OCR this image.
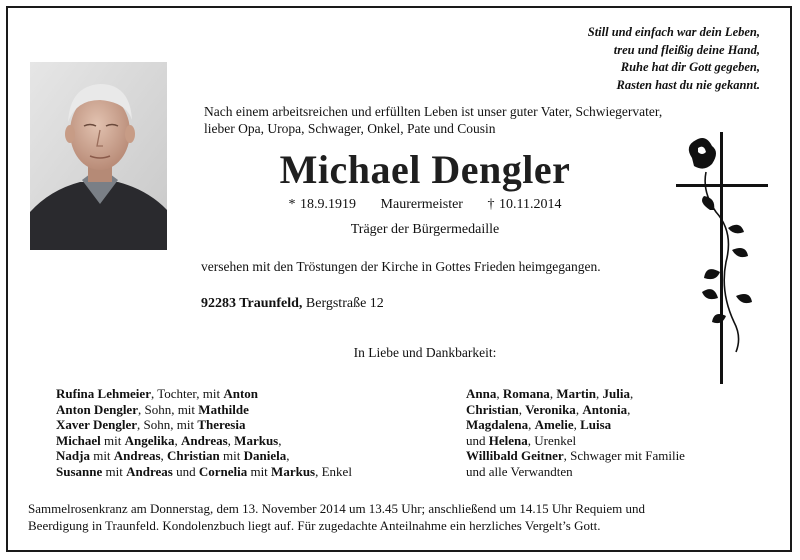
Still und einfach war dein Leben,
treu und fleißig deine Hand,
Ruhe hat dir Gott gegeben,
Rasten hast du nie gekannt.
Nach einem arbeitsreichen und erfüllten Leben ist unser guter Vater, Schwiegervater,
lieber Opa, Uropa, Schwager, Onkel, Pate und Cousin
Michael Dengler
* 18.9.1919 Maurermeister † 10.11.2014
Träger der Bürgermedaille
versehen mit den Tröstungen der Kirche in Gottes Frieden heimgegangen.
92283 Traunfeld, Bergstraße 12
In Liebe und Dankbarkeit:
Rufina Lehmeier, Tochter, mit Anton
Anton Dengler, Sohn, mit Mathilde
Xaver Dengler, Sohn, mit Theresia
Michael mit Angelika, Andreas, Markus,
Nadja mit Andreas, Christian mit Daniela,
Susanne mit Andreas und Cornelia mit Markus, Enkel
Anna, Romana, Martin, Julia,
Christian, Veronika, Antonia,
Magdalena, Amelie, Luisa
und Helena, Urenkel
Willibald Geitner, Schwager mit Familie
und alle Verwandten
Sammelrosenkranz am Donnerstag, dem 13. November 2014 um 13.45 Uhr; anschließend um 14.15 Uhr Requiem und
Beerdigung in Traunfeld. Kondolenzbuch liegt auf. Für zugedachte Anteilnahme ein herzliches Vergelt’s Gott.
